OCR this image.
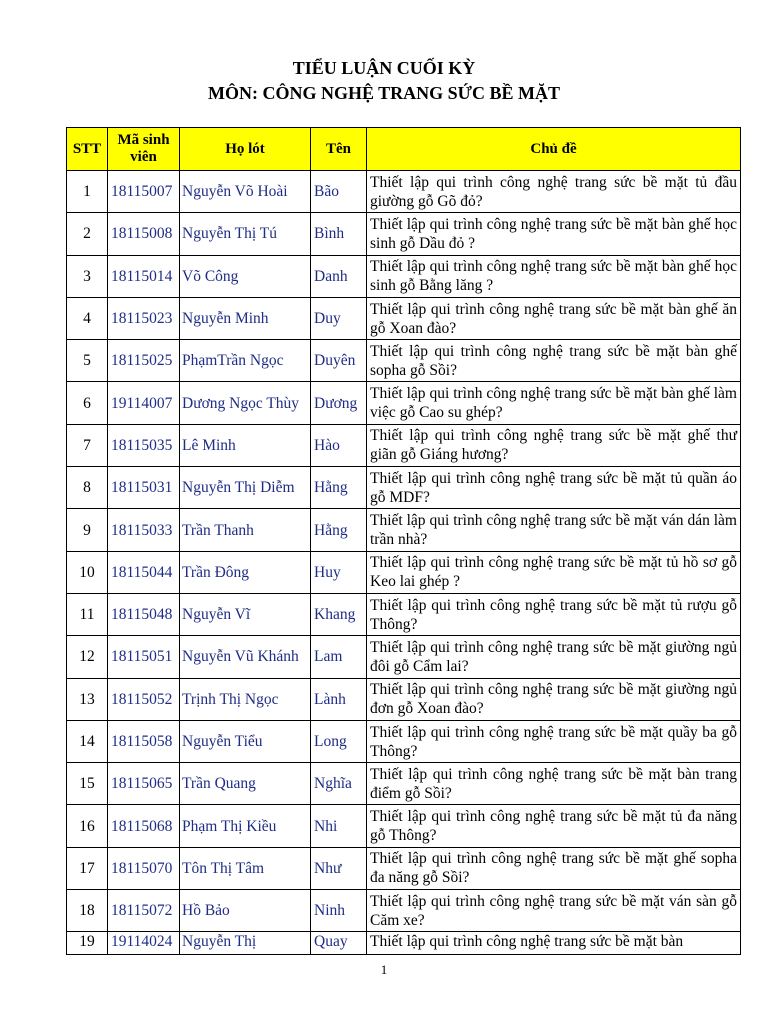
TIỂU LUẬN CUỐI KỲ
MÔN: CÔNG NGHỆ TRANG SỨC BỀ MẶT
STT	Mã sinh viên	Họ lót	Tên	Chủ đề
1	18115007	Nguyễn Võ Hoài	Bão	Thiết lập qui trình công nghệ trang sức bề mặt tủ đầu giường gỗ Gõ đỏ?
2	18115008	Nguyễn Thị Tú	Bình	Thiết lập qui trình công nghệ trang sức bề mặt bàn ghế học sinh gỗ Dầu đỏ ?
3	18115014	Võ Công	Danh	Thiết lập qui trình công nghệ trang sức bề mặt bàn ghế học sinh gỗ Bằng lăng ?
4	18115023	Nguyễn Minh	Duy	Thiết lập qui trình công nghệ trang sức bề mặt bàn ghế ăn gỗ Xoan đào?
5	18115025	PhạmTrần Ngọc	Duyên	Thiết lập qui trình công nghệ trang sức bề mặt bàn ghế sopha gỗ Sồi?
6	19114007	Dương Ngọc Thùy	Dương	Thiết lập qui trình công nghệ trang sức bề mặt bàn ghế làm việc gỗ Cao su ghép?
7	18115035	Lê Minh	Hào	Thiết lập qui trình công nghệ trang sức bề mặt ghế thư giãn gỗ Giáng hương?
8	18115031	Nguyễn Thị Diễm	Hằng	Thiết lập qui trình công nghệ trang sức bề mặt tủ quần áo gỗ MDF?
9	18115033	Trần Thanh	Hằng	Thiết lập qui trình công nghệ trang sức bề mặt ván dán làm trần nhà?
10	18115044	Trần Đông	Huy	Thiết lập qui trình công nghệ trang sức bề mặt tủ hồ sơ gỗ Keo lai ghép ?
11	18115048	Nguyễn Vĩ	Khang	Thiết lập qui trình công nghệ trang sức bề mặt tủ rượu gỗ Thông?
12	18115051	Nguyễn Vũ Khánh	Lam	Thiết lập qui trình công nghệ trang sức bề mặt giường ngủ đôi gỗ Cẩm lai?
13	18115052	Trịnh Thị Ngọc	Lành	Thiết lập qui trình công nghệ trang sức bề mặt giường ngủ đơn gỗ Xoan đào?
14	18115058	Nguyễn Tiểu	Long	Thiết lập qui trình công nghệ trang sức bề mặt quầy ba gỗ Thông?
15	18115065	Trần Quang	Nghĩa	Thiết lập qui trình công nghệ trang sức bề mặt bàn trang điểm gỗ Sồi?
16	18115068	Phạm Thị Kiều	Nhi	Thiết lập qui trình công nghệ trang sức bề mặt tủ đa năng gỗ Thông?
17	18115070	Tôn Thị Tâm	Như	Thiết lập qui trình công nghệ trang sức bề mặt ghế sopha đa năng gỗ Sồi?
18	18115072	Hồ Bảo	Ninh	Thiết lập qui trình công nghệ trang sức bề mặt ván sàn gỗ Căm xe?
19	19114024	Nguyễn Thị	Quay	Thiết lập qui trình công nghệ trang sức bề mặt bàn
1
